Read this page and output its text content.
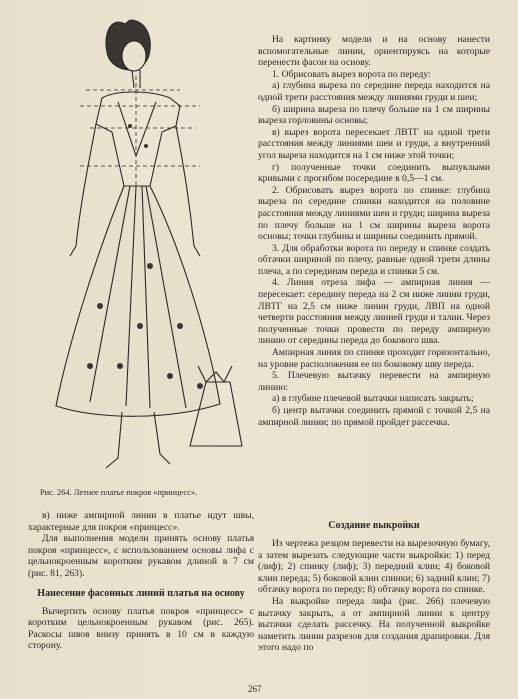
Рис. 264. Летнее платье покроя «принцесс».

На картинку модели и на основу нанести вспомогательные линии, ориентируясь на которые перенести фасон на основу.

1. Обрисовать вырез ворота по переду:

а) глубина выреза по середине переда находится на одной трети расстояния между линиями груди и шеи;

б) ширина выреза по плечу больше на 1 см ширины выреза горловины основы;

в) вырез ворота пересекает ЛВТГ на одной трети расстояния между линиями шеи и груди, а внутренний угол выреза находится на 1 см ниже этой точки;

г) полученные точки соединить выпуклыми кривыми с прогибом посередине в 0,5—1 см.

2. Обрисовать вырез ворота по спинке: глубина выреза по середине спинки находится на половине расстояния между линиями шеи и груди; ширина выреза по плечу больше на 1 см ширины выреза ворота основы; точки глубины и ширины соединить прямой.

3. Для обработки ворота по переду и спинке создать обтачки шириной по плечу, равные одной трети длины плеча, а по серединам переда и спинки 5 см.

4. Линия отреза лифа — ампирная линия — пересекает: середину переда на 2 см ниже линии груди, ЛВТГ на 2,5 см ниже линии груди, ЛВП на одной четверти расстояния между линией груди и талии. Через полученные точки провести по переду ампирную линию от середины переда до бокового шва.

Ампирная линия по спинке проходит горизонтально, на уровне расположения ее по боковому шву переда.

5. Плечевую вытачку перевести на ампирную линию:

а) в глубине плечевой вытачки написать закрыть;

б) центр вытачки соединить прямой с точкой 2,5 на ампирной линии; по прямой пройдет рассечка.

в) ниже ампирной линии в платье идут швы, характерные для покроя «принцесс».

Для выполнения модели принять основу платья покроя «принцесс», с использованием основы лифа с цельнокроенным коротким рукавом длиной в 7 см (рис. 81, 263).

Нанесение фасонных линий платья на основу

Вычертить основу платья покроя «принцесс» с коротким цельнокроенным рукавом (рис. 265). Раскосы швов внизу принять в 10 см в каждую сторону.

Создание выкройки

Из чертежа резцом перевести на вырезочную бумагу, а затем вырезать следующие части выкройки: 1) перед (лиф); 2) спинку (лиф); 3) передний клин; 4) боковой клин переда; 5) боковой клин спинки; 6) задний клин; 7) обтачку ворота по переду; 8) обтачку ворота по спинке.

На выкройке переда лифа (рис. 266) плечевую вытачку закрыть, а от ампирной линии к центру вытачки сделать рассечку. На полученной выкройке наметить линии разрезов для создания драпировки. Для этого надо по

267
